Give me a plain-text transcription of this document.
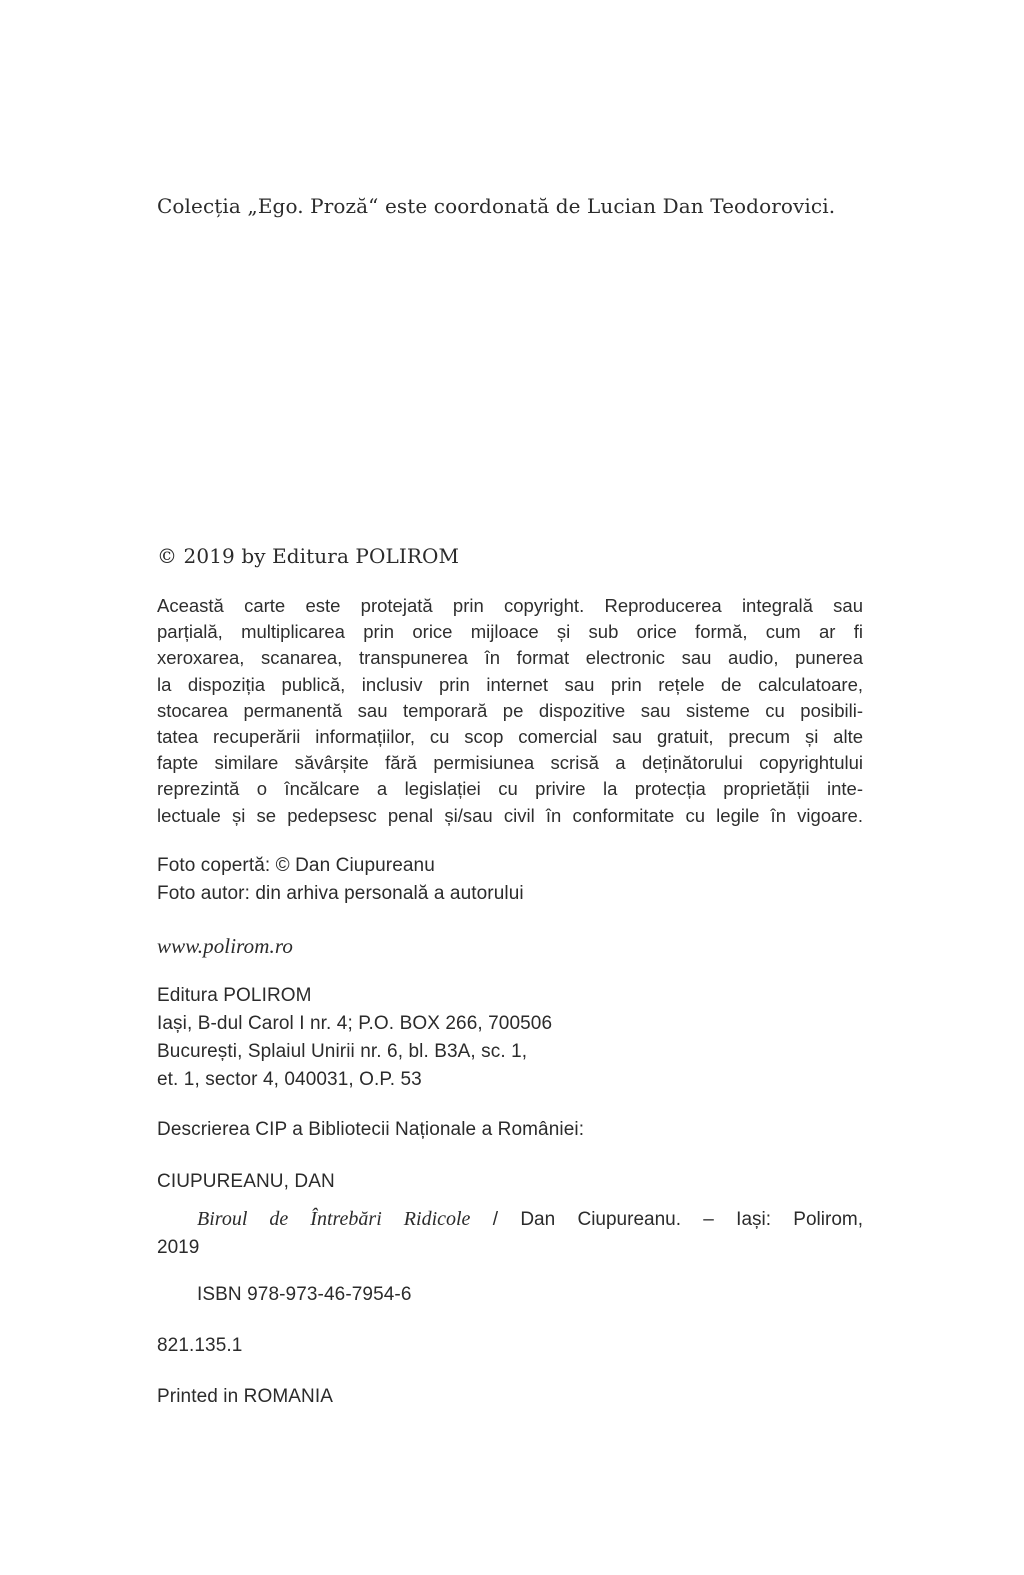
Colecția „Ego. Proză“ este coordonată de Lucian Dan Teodorovici.
© 2019 by Editura POLIROM
Această carte este protejată prin copyright. Reproducerea integrală sau
parțială, multiplicarea prin orice mijloace și sub orice formă, cum ar fi
xeroxarea, scanarea, transpunerea în format electronic sau audio, punerea
la dispoziția publică, inclusiv prin internet sau prin rețele de calculatoare,
stocarea permanentă sau temporară pe dispozitive sau sisteme cu posibili-
tatea recuperării informațiilor, cu scop comercial sau gratuit, precum și alte
fapte similare săvârșite fără permisiunea scrisă a deținătorului copyrightului
reprezintă o încălcare a legislației cu privire la protecția proprietății inte-
lectuale și se pedepsesc penal și/sau civil în conformitate cu legile în vigoare.
Foto copertă: © Dan Ciupureanu
Foto autor: din arhiva personală a autorului
www.polirom.ro
Editura POLIROM
Iași, B-dul Carol I nr. 4; P.O. BOX 266, 700506
București, Splaiul Unirii nr. 6, bl. B3A, sc. 1,
et. 1, sector 4, 040031, O.P. 53
Descrierea CIP a Bibliotecii Naționale a României:
CIUPUREANU, DAN
Biroul de Întrebări Ridicole / Dan Ciupureanu. – Iași: Polirom,
2019
ISBN 978-973-46-7954-6
821.135.1
Printed in ROMANIA
